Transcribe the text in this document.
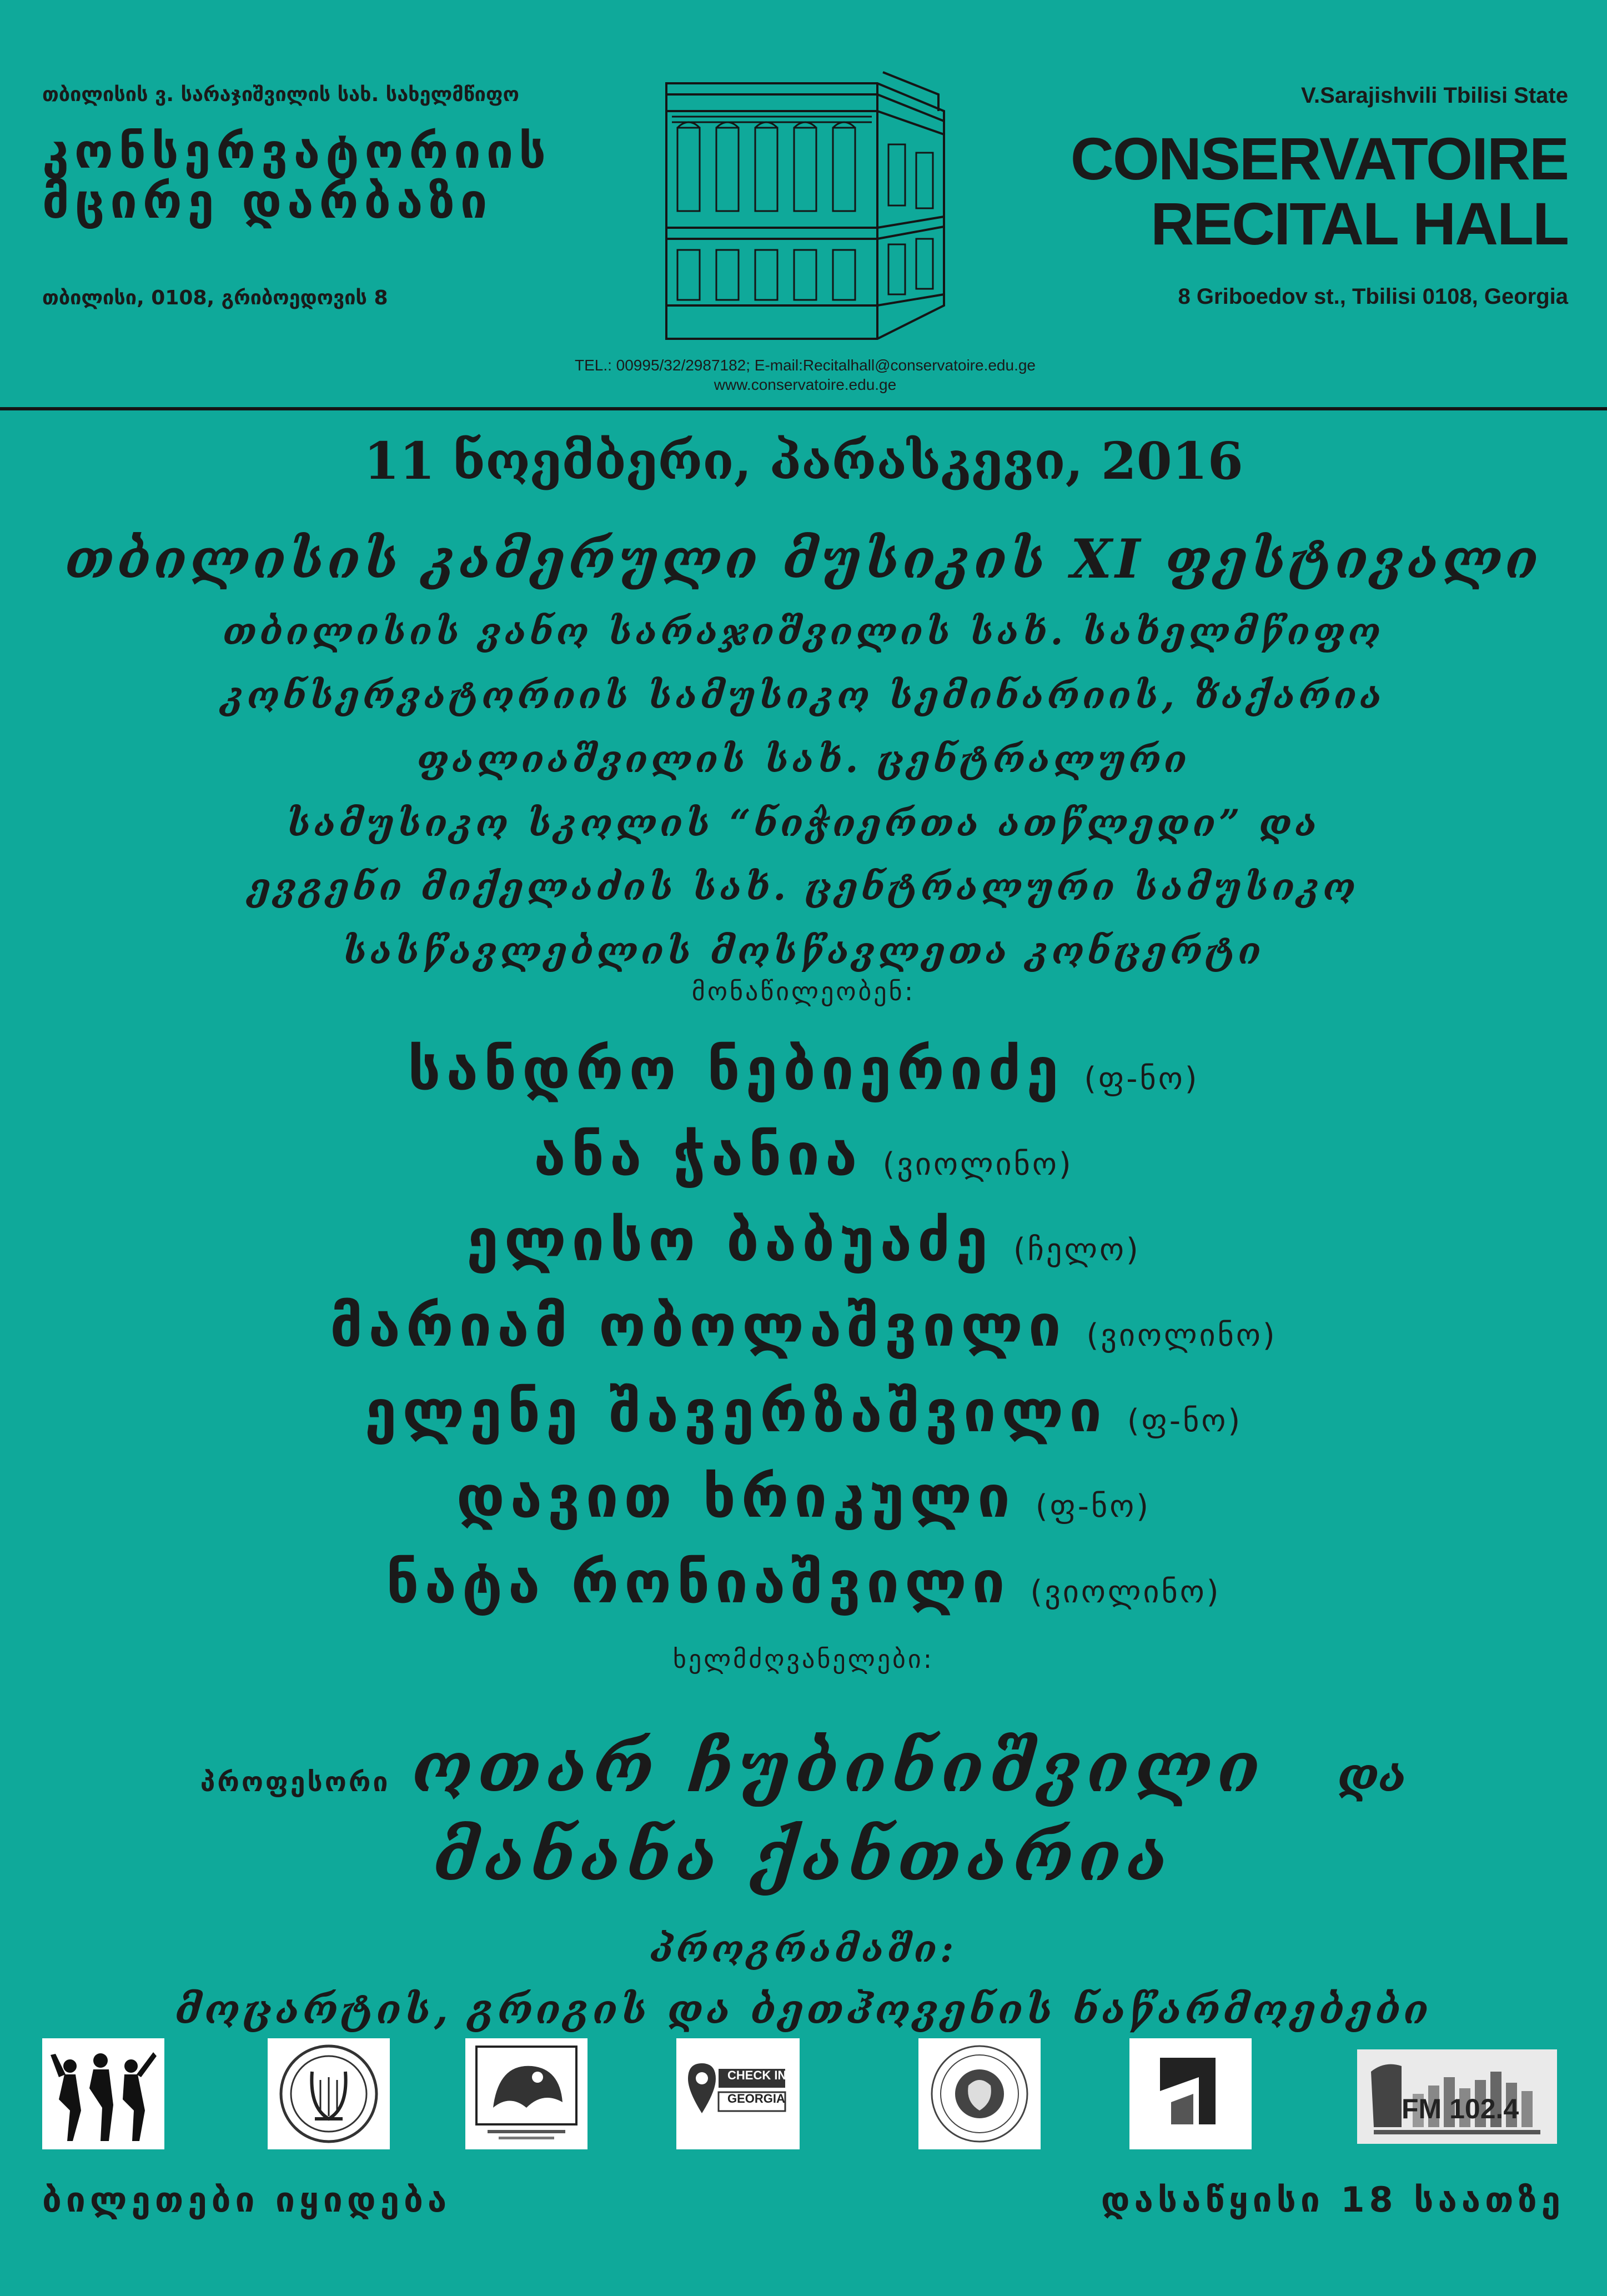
თბილისის ვ. სარაჯიშვილის სახ. სახელმწიფო
კონსერვატორიის
მცირე დარბაზი
თბილისი, 0108, გრიბოედოვის 8
V.Sarajishvili Tbilisi State
CONSERVATOIRE
RECITAL HALL
8 Griboedov st., Tbilisi 0108, Georgia
TEL.: 00995/32/2987182; E-mail:Recitalhall@conservatoire.edu.ge
www.conservatoire.edu.ge
11 ნოემბერი, პარასკევი, 2016
თბილისის კამერული მუსიკის XI ფესტივალი
თბილისის ვანო სარაჯიშვილის სახ. სახელმწიფო
კონსერვატორიის სამუსიკო სემინარიის, ზაქარია
ფალიაშვილის სახ. ცენტრალური
სამუსიკო სკოლის “ნიჭიერთა ათწლედი” და
ევგენი მიქელაძის სახ. ცენტრალური სამუსიკო
სასწავლებლის მოსწავლეთა კონცერტი
მონაწილეობენ:
სანდრო ნებიერიძე (ფ-ნო)
ანა ჭანია (ვიოლინო)
ელისო ბაბუაძე (ჩელო)
მარიამ ობოლაშვილი (ვიოლინო)
ელენე შავერზაშვილი (ფ-ნო)
დავით ხრიკული (ფ-ნო)
ნატა რონიაშვილი (ვიოლინო)
ხელმძღვანელები:
პროფესორი ოთარ ჩუბინიშვილი და
მანანა ქანთარია
პროგრამაში:
მოცარტის, გრიგის და ბეთჰოვენის ნაწარმოებები
CHECK IN
GEORGIA	FM 102.4
ბილეთები იყიდება	დასაწყისი 18 საათზე
